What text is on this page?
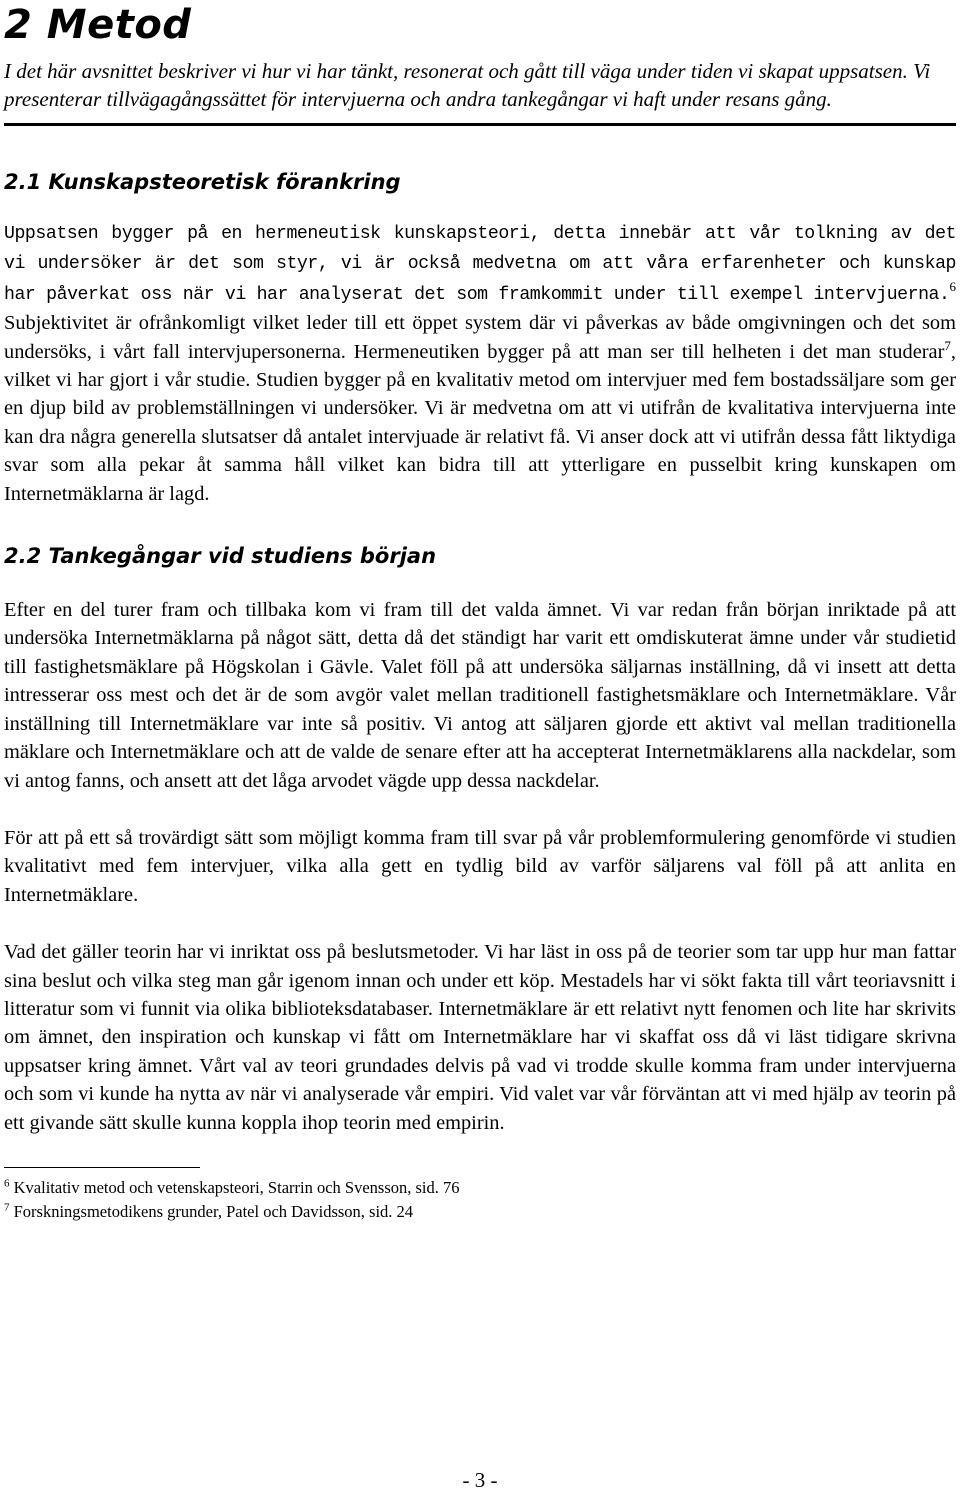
2 Metod

I det här avsnittet beskriver vi hur vi har tänkt, resonerat och gått till väga under tiden vi skapat uppsatsen. Vi presenterar tillvägagångssättet för intervjuerna och andra tankegångar vi haft under resans gång.

2.1 Kunskapsteoretisk förankring

Uppsatsen bygger på en hermeneutisk kunskapsteori, detta innebär att vår tolkning av det vi undersöker är det som styr, vi är också medvetna om att våra erfarenheter och kunskap har påverkat oss när vi har analyserat det som framkommit under till exempel intervjuerna.$^6$ Subjektivitet är ofrånkomligt vilket leder till ett öppet system där vi påverkas av både omgivningen och det som undersöks, i vårt fall intervjupersonerna. Hermeneutiken bygger på att man ser till helheten i det man studerar$^7$, vilket vi har gjort i vår studie. Studien bygger på en kvalitativ metod om intervjuer med fem bostadssäljare som ger en djup bild av problemställningen vi undersöker. Vi är medvetna om att vi utifrån de kvalitativa intervjuerna inte kan dra några generella slutsatser då antalet intervjuade är relativt få. Vi anser dock att vi utifrån dessa fått liktydiga svar som alla pekar åt samma håll vilket kan bidra till att ytterligare en pusselbit kring kunskapen om Internetmäklarna är lagd.

2.2 Tankegångar vid studiens början

Efter en del turer fram och tillbaka kom vi fram till det valda ämnet. Vi var redan från början inriktade på att undersöka Internetmäklarna på något sätt, detta då det ständigt har varit ett omdiskuterat ämne under vår studietid till fastighetsmäklare på Högskolan i Gävle. Valet föll på att undersöka säljarnas inställning, då vi insett att detta intresserar oss mest och det är de som avgör valet mellan traditionell fastighetsmäklare och Internetmäklare. Vår inställning till Internetmäklare var inte så positiv. Vi antog att säljaren gjorde ett aktivt val mellan traditionella mäklare och Internetmäklare och att de valde de senare efter att ha accepterat Internetmäklarens alla nackdelar, som vi antog fanns, och ansett att det låga arvodet vägde upp dessa nackdelar.

För att på ett så trovärdigt sätt som möjligt komma fram till svar på vår problemformulering genomförde vi studien kvalitativt med fem intervjuer, vilka alla gett en tydlig bild av varför säljarens val föll på att anlita en Internetmäklare.

Vad det gäller teorin har vi inriktat oss på beslutsmetoder. Vi har läst in oss på de teorier som tar upp hur man fattar sina beslut och vilka steg man går igenom innan och under ett köp. Mestadels har vi sökt fakta till vårt teoriavsnitt i litteratur som vi funnit via olika biblioteksdatabaser. Internetmäklare är ett relativt nytt fenomen och lite har skrivits om ämnet, den inspiration och kunskap vi fått om Internetmäklare har vi skaffat oss då vi läst tidigare skrivna uppsatser kring ämnet. Vårt val av teori grundades delvis på vad vi trodde skulle komma fram under intervjuerna och som vi kunde ha nytta av när vi analyserade vår empiri. Vid valet var vår förväntan att vi med hjälp av teorin på ett givande sätt skulle kunna koppla ihop teorin med empirin.

$^6$ Kvalitativ metod och vetenskapsteori, Starrin och Svensson, sid. 76

$^7$ Forskningsmetodikens grunder, Patel och Davidsson, sid. 24

- 3 -
